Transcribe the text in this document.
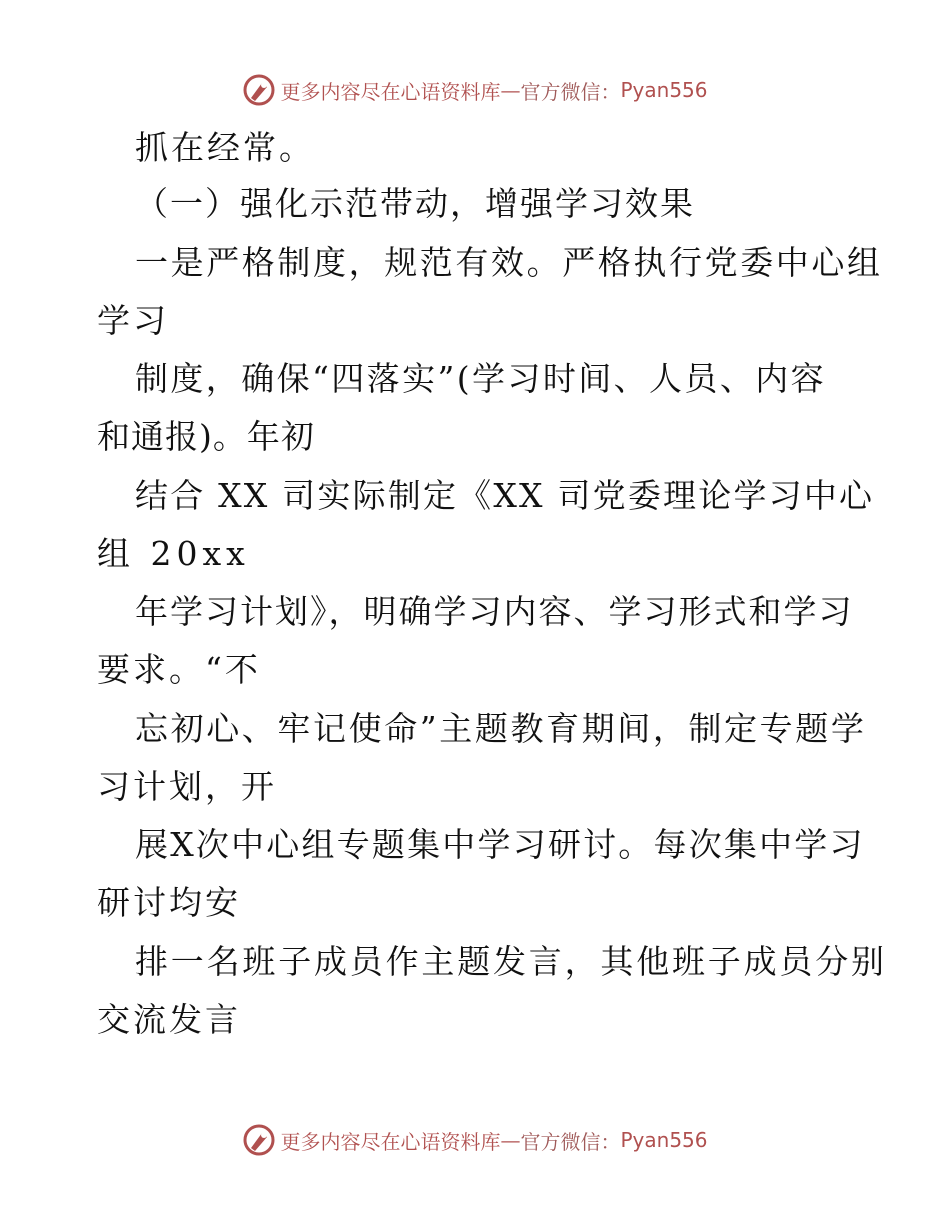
更多内容尽在心语资料库 — 官方微信： Pyan556
抓在经常。
（一）强化示范带动，增强学习效果
一是严格制度，规范有效。严格执行党委中心组
学习
制度，确保“四落实”(学习时间、人员、内容
和通报)。年初
结合 XX 司实际制定《XX 司党委理论学习中心
组 20xx
年学习计划》，明确学习内容、学习形式和学习
要求。“不
忘初心、牢记使命”主题教育期间，制定专题学
习计划，开
展X次中心组专题集中学习研讨。每次集中学习
研讨均安
排一名班子成员作主题发言，其他班子成员分别
交流发言
更多内容尽在心语资料库 — 官方微信： Pyan556
